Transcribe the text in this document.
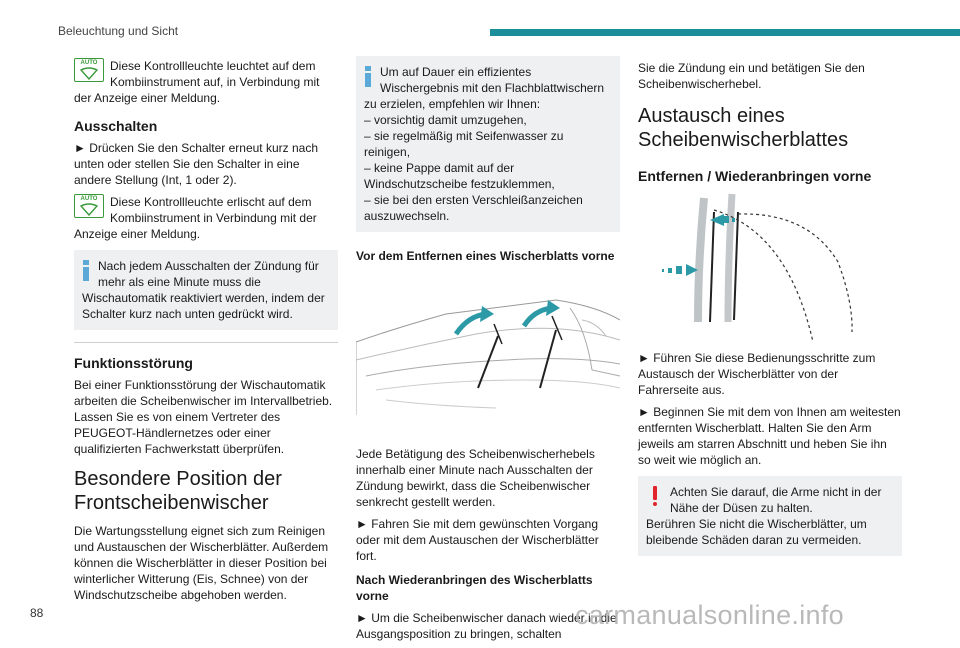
Beleuchtung und Sicht
AUTO	Diese Kontrollleuchte leuchtet auf dem Kombiinstrument auf, in Verbindung mit der Anzeige einer Meldung.

Ausschalten

► Drücken Sie den Schalter erneut kurz nach unten oder stellen Sie den Schalter in eine andere Stellung (Int, 1 oder 2).

AUTO	Diese Kontrollleuchte erlischt auf dem Kombiinstrument in Verbindung mit der Anzeige einer Meldung.

Nach jedem Ausschalten der Zündung für mehr als eine Minute muss die Wischautomatik reaktiviert werden, indem der Schalter kurz nach unten gedrückt wird.

Funktionsstörung

Bei einer Funktionsstörung der Wischautomatik arbeiten die Scheibenwischer im Intervallbetrieb. Lassen Sie es von einem Vertreter des PEUGEOT-Händlernetzes oder einer qualifizierten Fachwerkstatt überprüfen.

Besondere Position der Frontscheibenwischer

Die Wartungsstellung eignet sich zum Reinigen und Austauschen der Wischerblätter. Außerdem können die Wischerblätter in dieser Position bei winterlicher Witterung (Eis, Schnee) von der Windschutzscheibe abgehoben werden.

Um auf Dauer ein effizientes Wischergebnis mit den Flachblattwischern zu erzielen, empfehlen wir Ihnen:
– vorsichtig damit umzugehen,
– sie regelmäßig mit Seifenwasser zu reinigen,
– keine Pappe damit auf der Windschutzscheibe festzuklemmen,
– sie bei den ersten Verschleißanzeichen auszuwechseln.

Vor dem Entfernen eines Wischerblatts vorne

Jede Betätigung des Scheibenwischerhebels innerhalb einer Minute nach Ausschalten der Zündung bewirkt, dass die Scheibenwischer senkrecht gestellt werden.

► Fahren Sie mit dem gewünschten Vorgang oder mit dem Austauschen der Wischerblätter fort.

Nach Wiederanbringen des Wischerblatts vorne

► Um die Scheibenwischer danach wieder in die Ausgangsposition zu bringen, schalten

Sie die Zündung ein und betätigen Sie den Scheibenwischerhebel.

Austausch eines Scheibenwischerblattes
Entfernen / Wiederanbringen vorne

► Führen Sie diese Bedienungsschritte zum Austausch der Wischerblätter von der Fahrerseite aus.

► Beginnen Sie mit dem von Ihnen am weitesten entfernten Wischerblatt. Halten Sie den Arm jeweils am starren Abschnitt und heben Sie ihn so weit wie möglich an.

Achten Sie darauf, die Arme nicht in der Nähe der Düsen zu halten.
Berühren Sie nicht die Wischerblätter, um bleibende Schäden daran zu vermeiden.

88	carmanualsonline.info
